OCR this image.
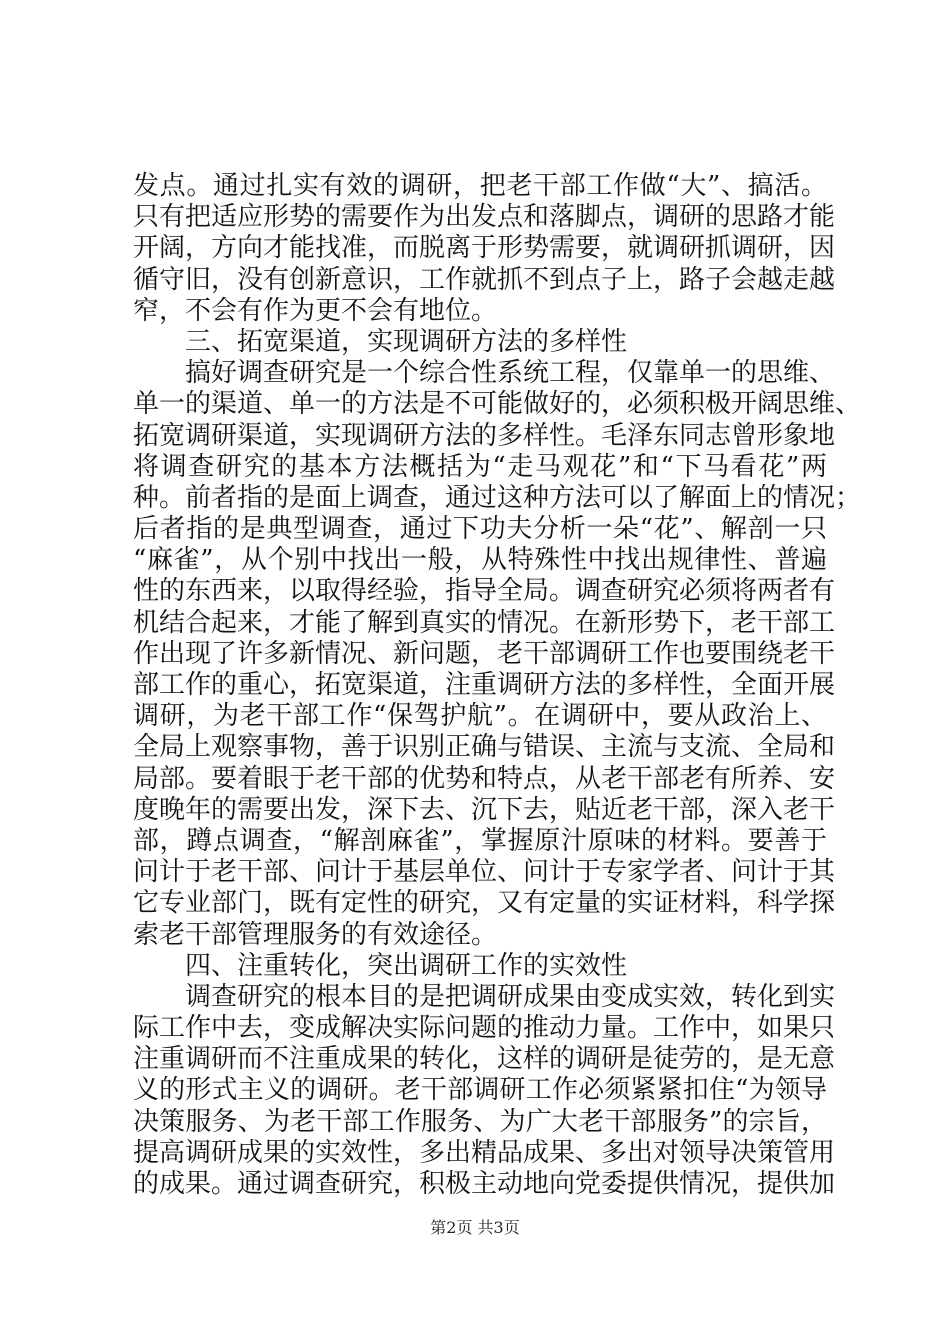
发点。通过扎实有效的调研，把老干部工作做“大”、搞活。
只有把适应形势的需要作为出发点和落脚点，调研的思路才能
开阔，方向才能找准，而脱离于形势需要，就调研抓调研，因
循守旧，没有创新意识，工作就抓不到点子上，路子会越走越
窄，不会有作为更不会有地位。
三、拓宽渠道，实现调研方法的多样性
搞好调查研究是一个综合性系统工程，仅靠单一的思维、
单一的渠道、单一的方法是不可能做好的，必须积极开阔思维、
拓宽调研渠道，实现调研方法的多样性。毛泽东同志曾形象地
将调查研究的基本方法概括为“走马观花”和“下马看花”两
种。前者指的是面上调查，通过这种方法可以了解面上的情况；
后者指的是典型调查，通过下功夫分析一朵“花”、解剖一只
“麻雀”，从个别中找出一般，从特殊性中找出规律性、普遍
性的东西来，以取得经验，指导全局。调查研究必须将两者有
机结合起来，才能了解到真实的情况。在新形势下，老干部工
作出现了许多新情况、新问题，老干部调研工作也要围绕老干
部工作的重心，拓宽渠道，注重调研方法的多样性，全面开展
调研，为老干部工作“保驾护航”。在调研中，要从政治上、
全局上观察事物，善于识别正确与错误、主流与支流、全局和
局部。要着眼于老干部的优势和特点，从老干部老有所养、安
度晚年的需要出发，深下去、沉下去，贴近老干部，深入老干
部，蹲点调查，“解剖麻雀”，掌握原汁原味的材料。要善于
问计于老干部、问计于基层单位、问计于专家学者、问计于其
它专业部门，既有定性的研究，又有定量的实证材料，科学探
索老干部管理服务的有效途径。
四、注重转化，突出调研工作的实效性
调查研究的根本目的是把调研成果由变成实效，转化到实
际工作中去，变成解决实际问题的推动力量。工作中，如果只
注重调研而不注重成果的转化，这样的调研是徒劳的，是无意
义的形式主义的调研。老干部调研工作必须紧紧扣住“为领导
决策服务、为老干部工作服务、为广大老干部服务”的宗旨，
提高调研成果的实效性，多出精品成果、多出对领导决策管用
的成果。通过调查研究，积极主动地向党委提供情况，提供加
第2页 共3页
